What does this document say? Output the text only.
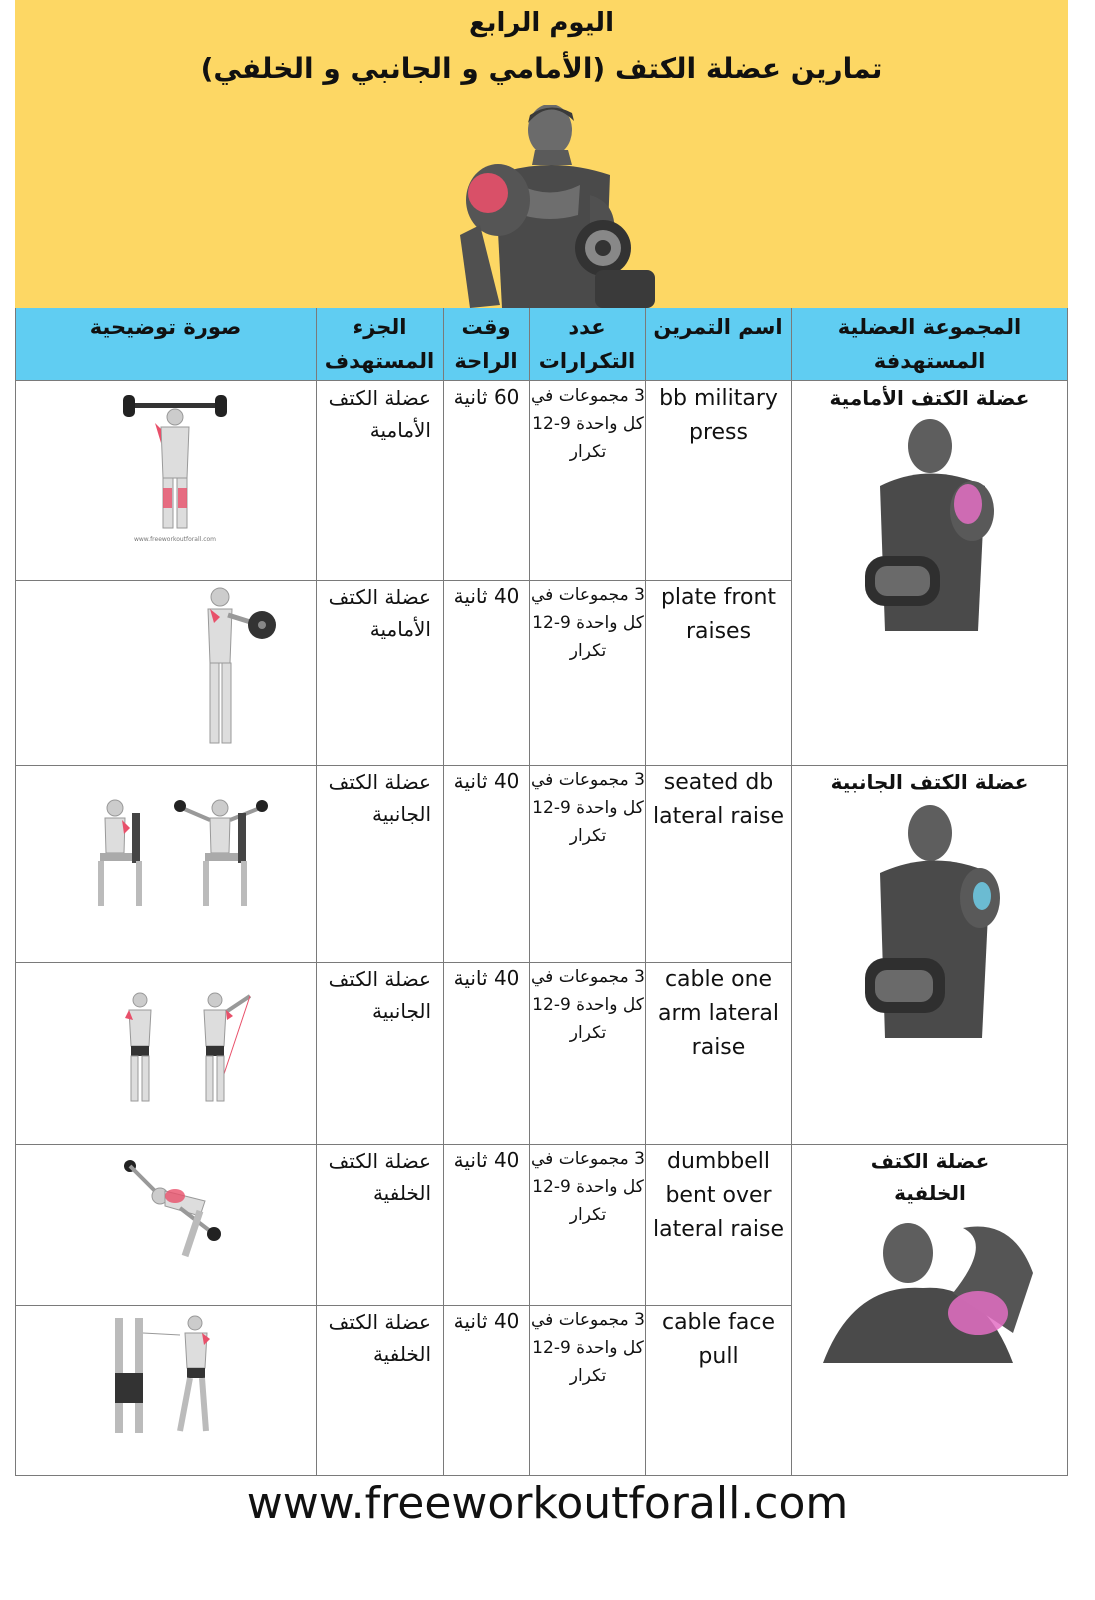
اليوم الرابع
تمارين عضلة الكتف (الأمامي و الجانبي و الخلفي)
المجموعة العضلية المستهدفة
اسم التمرين
عدد التكرارات
وقت الراحة
الجزء المستهدف
صورة توضيحية
عضلة الكتف الأمامية
عضلة الكتف الجانبية
عضلة الكتف الخلفية
bb military press
3 مجموعات في كل واحدة 9-12 تكرار
60 ثانية
عضلة الكتف الأمامية
www.freeworkoutforall.com
plate front raises
3 مجموعات في كل واحدة 9-12 تكرار
40 ثانية
عضلة الكتف الأمامية
seated db lateral raise
3 مجموعات في كل واحدة 9-12 تكرار
40 ثانية
عضلة الكتف الجانبية
cable one arm lateral raise
3 مجموعات في كل واحدة 9-12 تكرار
40 ثانية
عضلة الكتف الجانبية
dumbbell bent over lateral raise
3 مجموعات في كل واحدة 9-12 تكرار
40 ثانية
عضلة الكتف الخلفية
cable face pull
3 مجموعات في كل واحدة 9-12 تكرار
40 ثانية
عضلة الكتف الخلفية
www.freeworkoutforall.com
